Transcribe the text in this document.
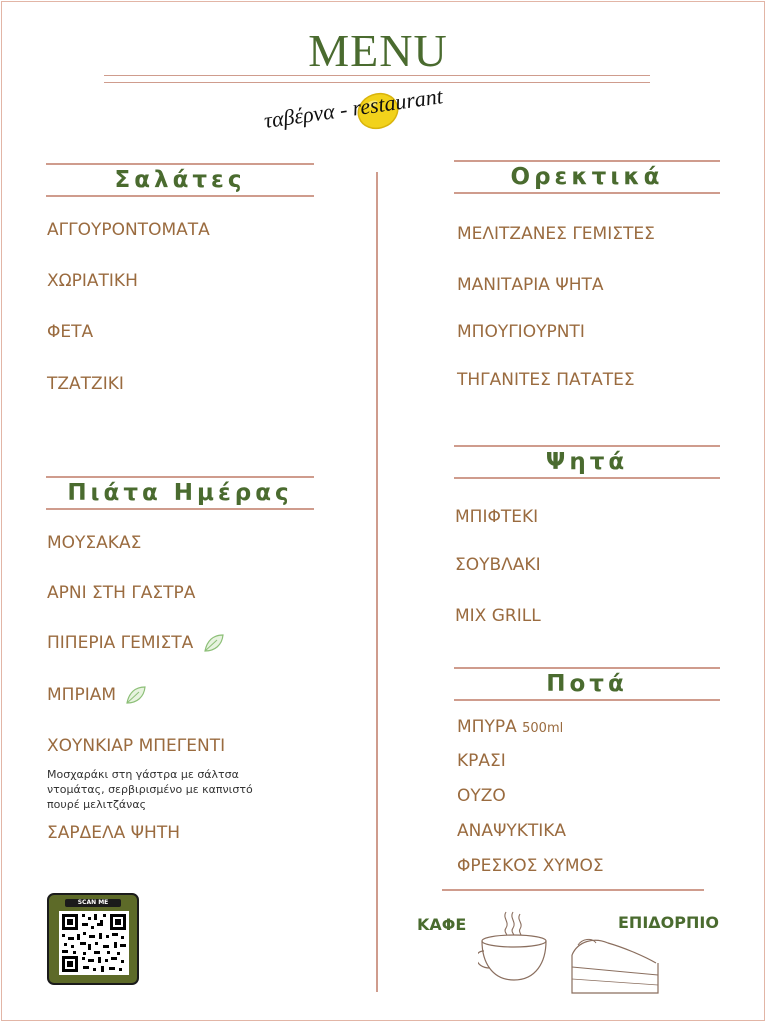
MENU
ταβέρνα - restaurant
Σαλάτες
ΑΓΓΟΥΡΟΝΤΟΜΑΤΑ
ΧΩΡΙΑΤΙΚΗ
ΦΕΤΑ
ΤΖΑΤΖΙΚΙ
Πιάτα Ημέρας
ΜΟΥΣΑΚΑΣ
ΑΡΝΙ ΣΤΗ ΓΑΣΤΡΑ
ΠΙΠΕΡΙΑ ΓΕΜΙΣΤΑ
ΜΠΡΙΑΜ
ΧΟΥΝΚΙΑΡ ΜΠΕΓΕΝΤΙ
Μοσχαράκι στη γάστρα με σάλτσα ντομάτας, σερβιρισμένο με καπνιστό πουρέ μελιτζάνας
ΣΑΡΔΕΛΑ ΨΗΤΗ
SCAN ME
Ορεκτικά
ΜΕΛΙΤΖΑΝΕΣ ΓΕΜΙΣΤΕΣ
ΜΑΝΙΤΑΡΙΑ ΨΗΤΑ
ΜΠΟΥΓΙΟΥΡΝΤΙ
ΤΗΓΑΝΙΤΕΣ ΠΑΤΑΤΕΣ
Ψητά
ΜΠΙΦΤΕΚΙ
ΣΟΥΒΛΑΚΙ
MIX GRILL
Ποτά
ΜΠΥΡΑ 500ml
ΚΡΑΣΙ
ΟΥΖΟ
ΑΝΑΨΥΚΤΙΚΑ
ΦΡΕΣΚΟΣ ΧΥΜΟΣ
ΚΑΦΕ	ΕΠΙΔΟΡΠΙΟ
